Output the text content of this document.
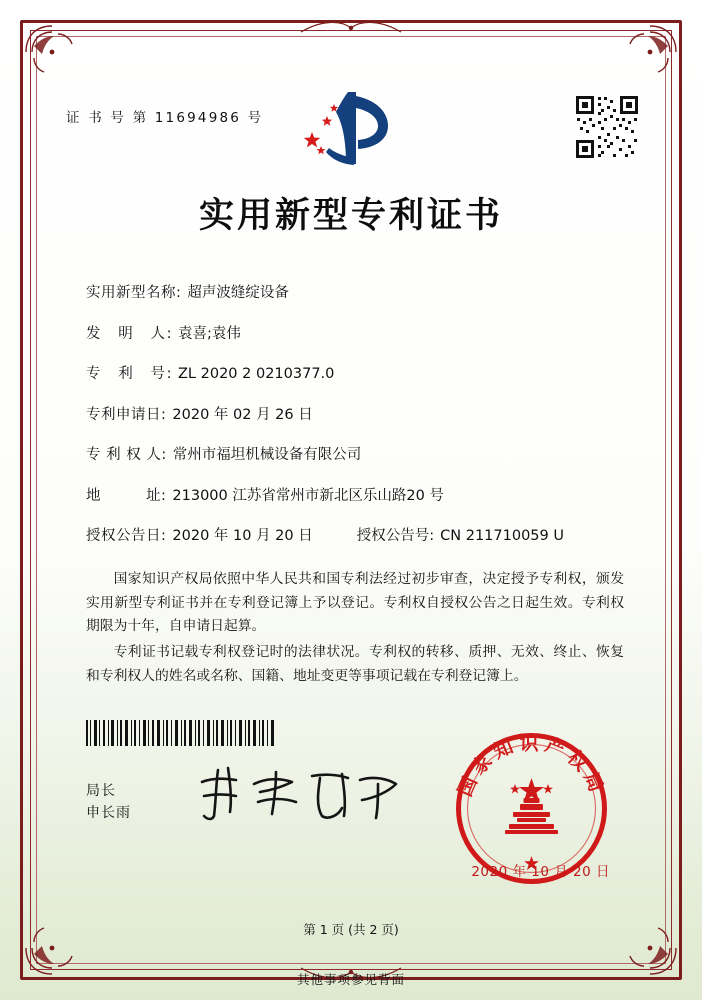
证 书 号 第 11694986 号
实用新型专利证书
实用新型名称: 超声波缝绽设备
发　明　人: 袁喜;袁伟
专　利　号: ZL 2020 2 0210377.0
专利申请日: 2020 年 02 月 26 日
专 利 权 人: 常州市福坦机械设备有限公司
地　　　址: 213000 江苏省常州市新北区乐山路20 号
授权公告日: 2020 年 10 月 20 日	授权公告号: CN 211710059 U

国家知识产权局依照中华人民共和国专利法经过初步审查，决定授予专利权，颁发实用新型专利证书并在专利登记簿上予以登记。专利权自授权公告之日起生效。专利权期限为十年，自申请日起算。

专利证书记载专利权登记时的法律状况。专利权的转移、质押、无效、终止、恢复和专利权人的姓名或名称、国籍、地址变更等事项记载在专利登记簿上。

局长
申长雨
国家知识产权局
2020 年 10 月 20 日
第 1 页 (共 2 页)
其他事项参见背面
